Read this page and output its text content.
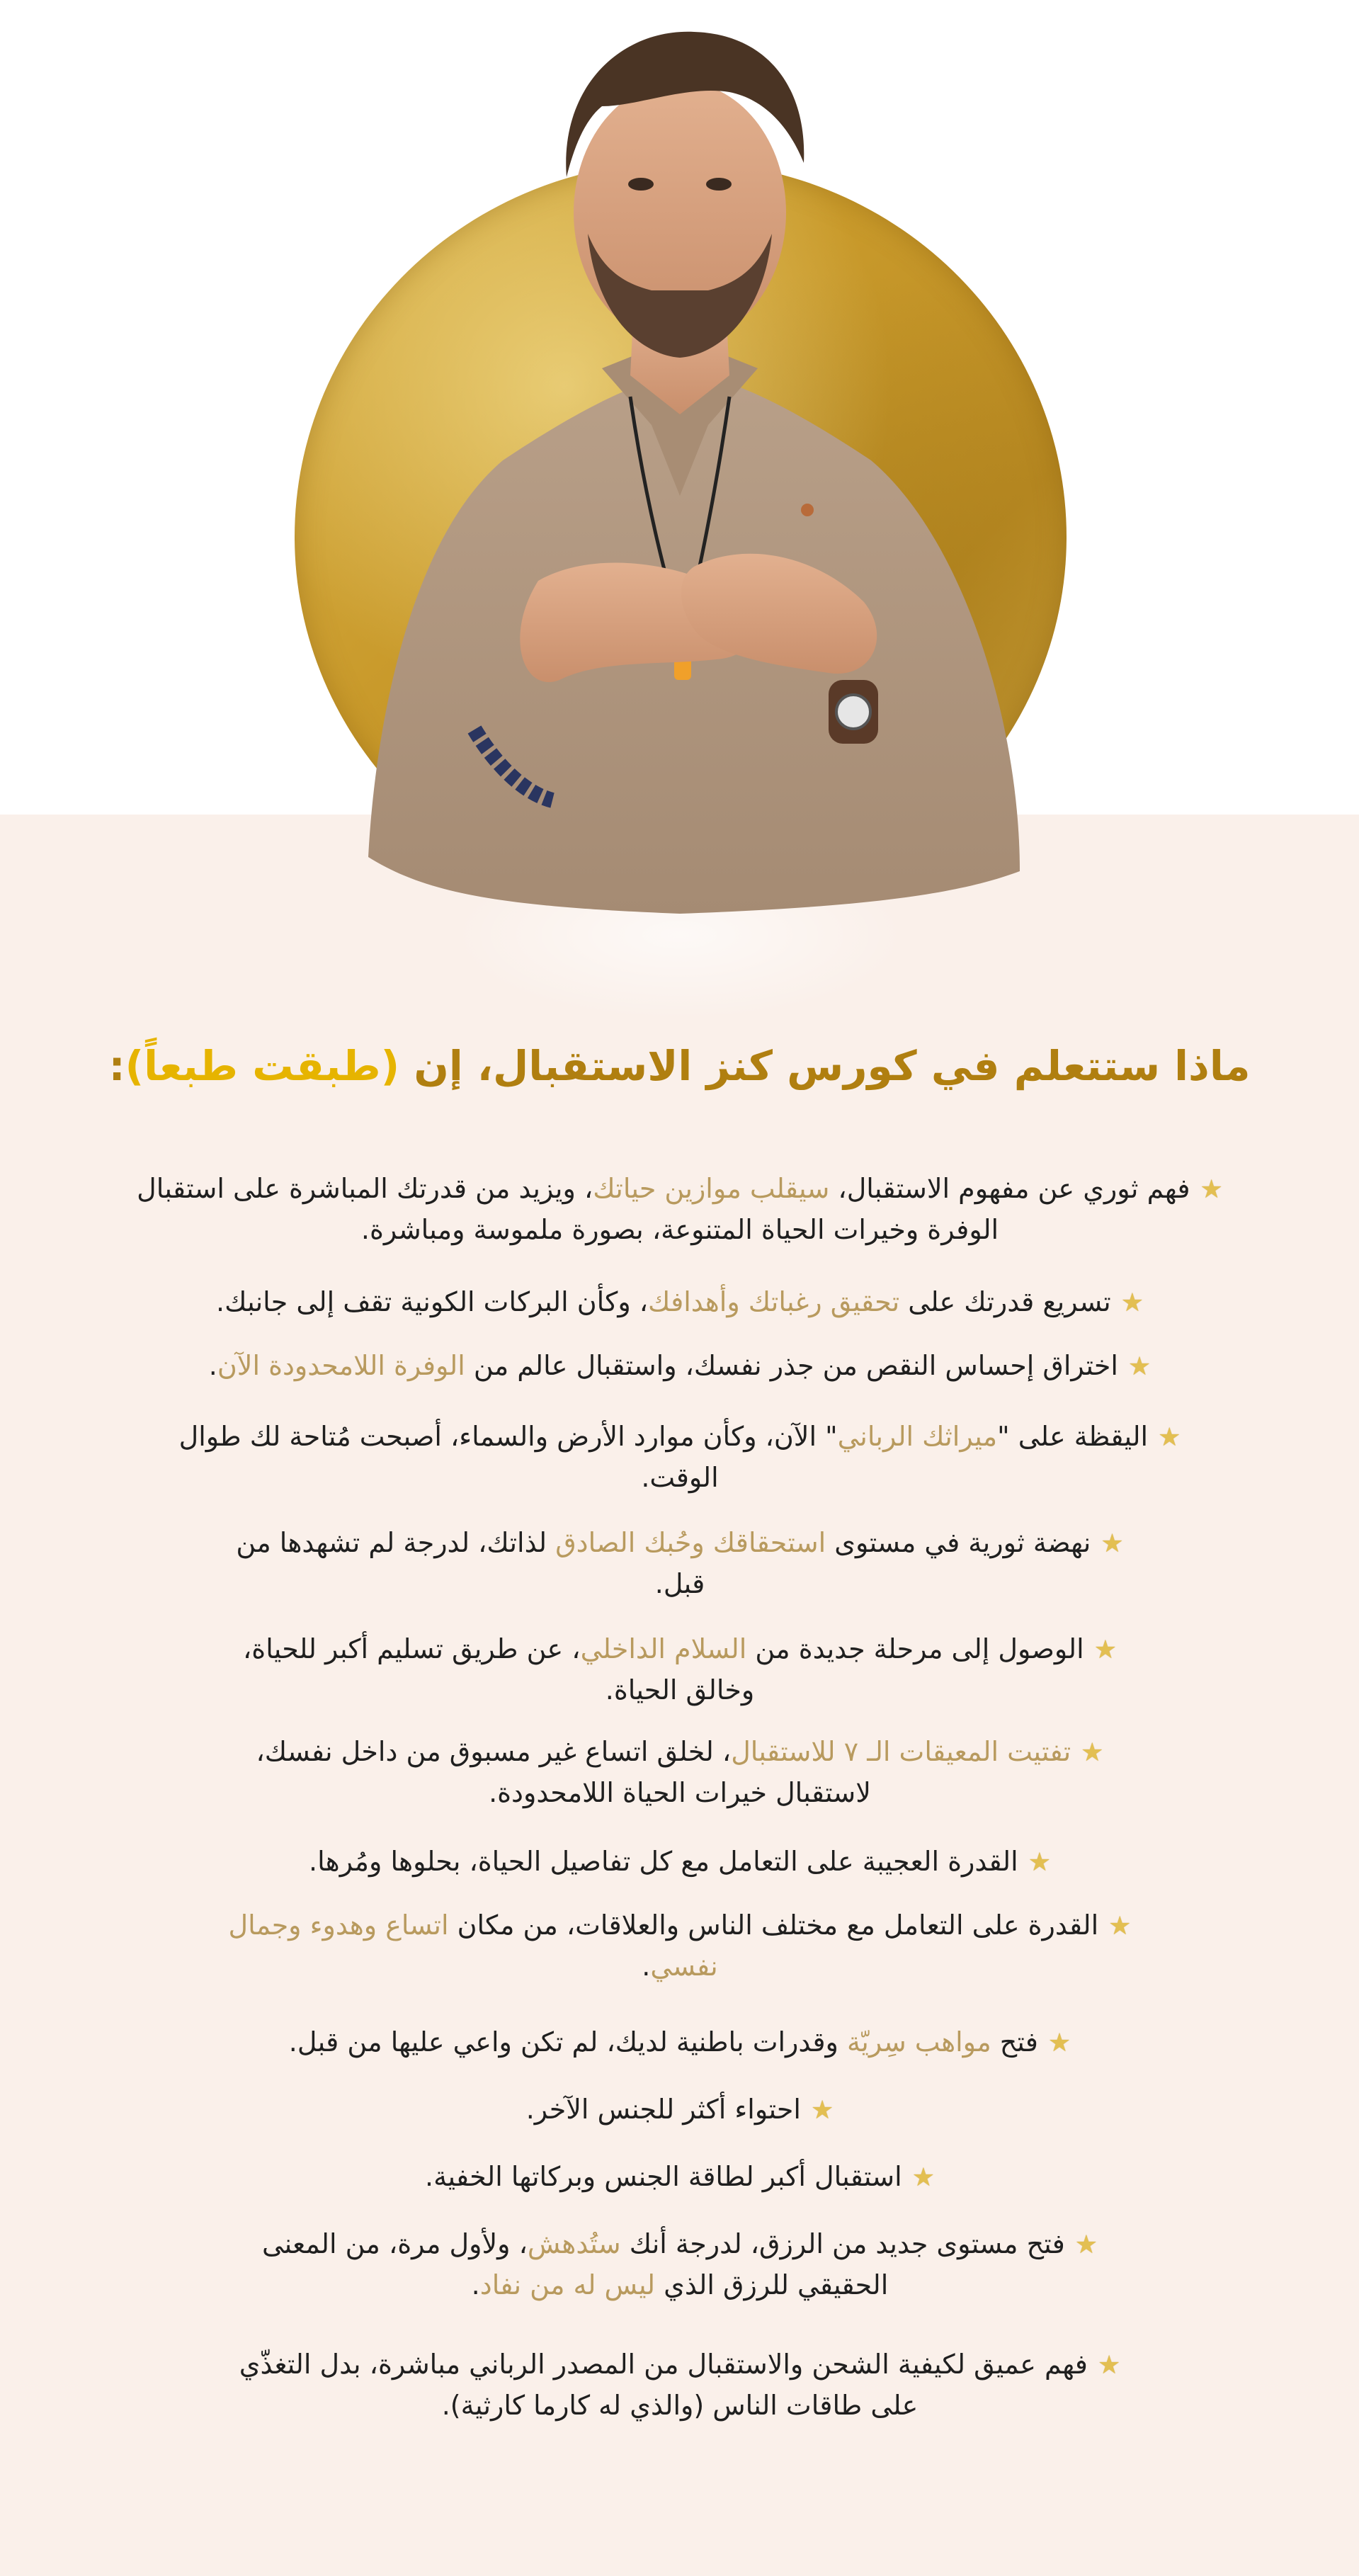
ماذا ستتعلم في كورس كنز الاستقبال، إن (طبقت طبعاً):
★فهم ثوري عن مفهوم الاستقبال، سيقلب موازين حياتك، ويزيد من قدرتك المباشرة على استقبال الوفرة وخيرات الحياة المتنوعة، بصورة ملموسة ومباشرة.
★تسريع قدرتك على تحقيق رغباتك وأهدافك، وكأن البركات الكونية تقف إلى جانبك.
★اختراق إحساس النقص من جذر نفسك، واستقبال عالم من الوفرة اللامحدودة الآن.
★اليقظة على "ميراثك الرباني" الآن، وكأن موارد الأرض والسماء، أصبحت مُتاحة لك طوال الوقت.
★نهضة ثورية في مستوى استحقاقك وحُبك الصادق لذاتك، لدرجة لم تشهدها من قبل.
★الوصول إلى مرحلة جديدة من السلام الداخلي، عن طريق تسليم أكبر للحياة، وخالق الحياة.
★تفتيت المعيقات الـ ٧ للاستقبال، لخلق اتساع غير مسبوق من داخل نفسك، لاستقبال خيرات الحياة اللامحدودة.
★القدرة العجيبة على التعامل مع كل تفاصيل الحياة، بحلوها ومُرها.
★القدرة على التعامل مع مختلف الناس والعلاقات، من مكان اتساع وهدوء وجمال نفسي.
★فتح مواهب سِريّة وقدرات باطنية لديك، لم تكن واعي عليها من قبل.
★احتواء أكثر للجنس الآخر.
★استقبال أكبر لطاقة الجنس وبركاتها الخفية.
★فتح مستوى جديد من الرزق، لدرجة أنك ستُدهش، ولأول مرة، من المعنى الحقيقي للرزق الذي ليس له من نفاد.
★فهم عميق لكيفية الشحن والاستقبال من المصدر الرباني مباشرة، بدل التغذّي على طاقات الناس (والذي له كارما كارثية).
